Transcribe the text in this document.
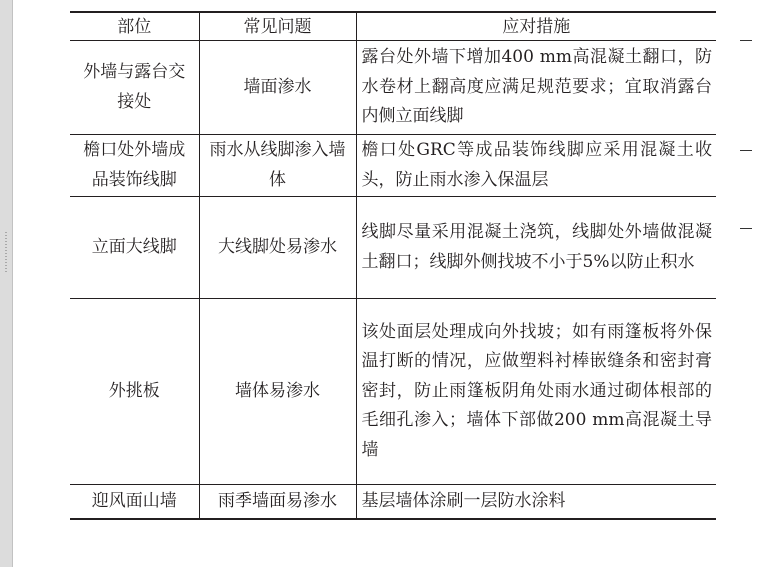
部位	常见问题	应对措施
外墙与露台交接处	墙面渗水	露台处外墙下增加400 mm高混凝土翻口，防水卷材上翻高度应满足规范要求；宜取消露台内侧立面线脚
檐口处外墙成品装饰线脚	雨水从线脚渗入墙体	檐口处GRC等成品装饰线脚应采用混凝土收头，防止雨水渗入保温层
立面大线脚	大线脚处易渗水	线脚尽量采用混凝土浇筑，线脚处外墙做混凝土翻口；线脚外侧找坡不小于5%以防止积水
外挑板	墙体易渗水	该处面层处理成向外找坡；如有雨篷板将外保温打断的情况，应做塑料衬棒嵌缝条和密封膏密封，防止雨篷板阴角处雨水通过砌体根部的毛细孔渗入；墙体下部做200 mm高混凝土导墙
迎风面山墙	雨季墙面易渗水	基层墙体涂刷一层防水涂料
